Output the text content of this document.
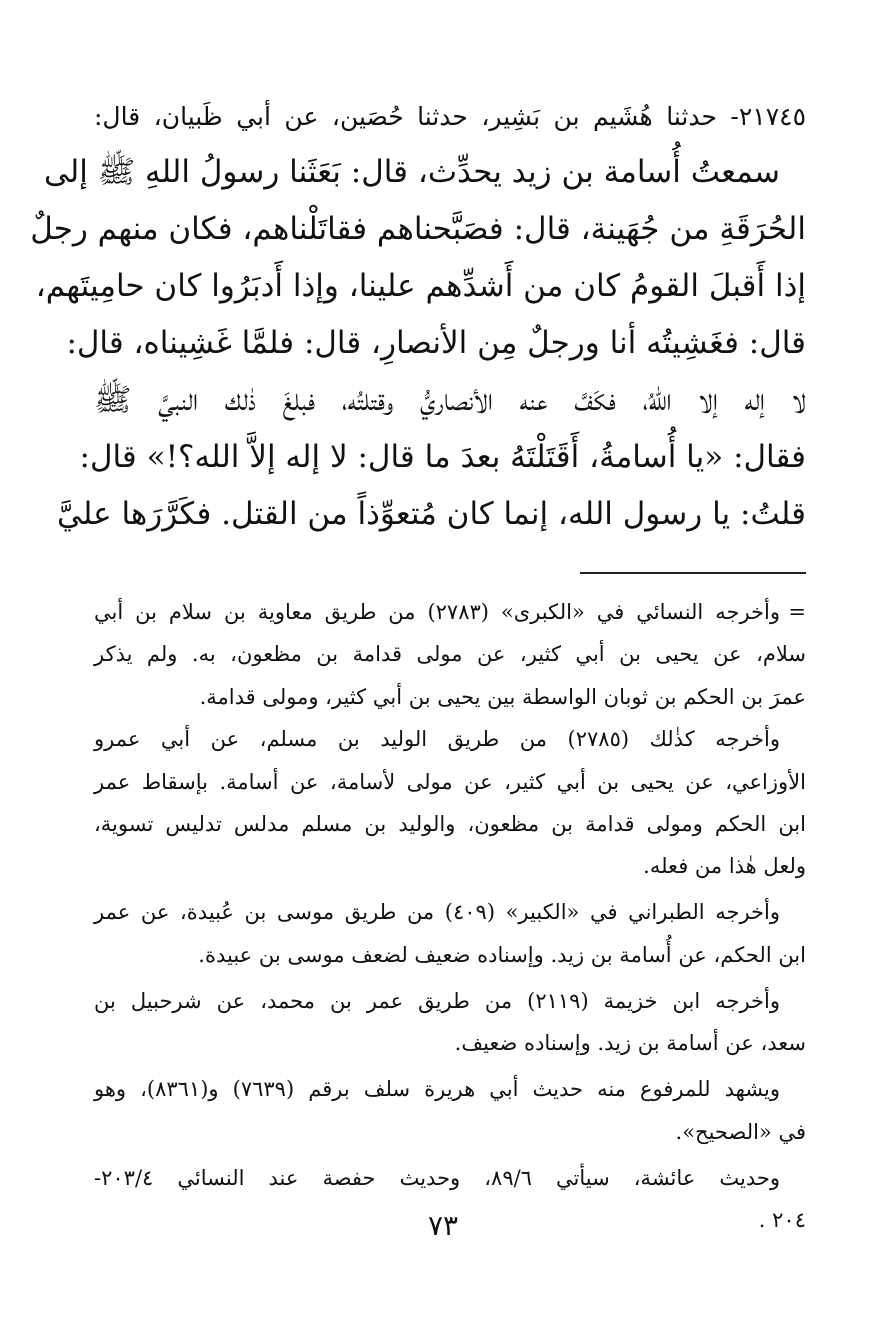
٢١٧٤٥- حدثنا هُشَيم بن بَشِير، حدثنا حُصَين، عن أبي ظَبيان، قال:

سمعتُ أُسامة بن زيد يحدِّث، قال: بَعَثَنا رسولُ اللهِ ﷺ إلى

الحُرَقَةِ من جُهَينة، قال: فصَبَّحناهم فقاتَلْناهم، فكان منهم رجلٌ

إذا أَقبلَ القومُ كان من أَشدِّهم علينا، وإذا أَدبَرُوا كان حامِيتَهم،

قال: فغَشِيتُه أنا ورجلٌ مِن الأنصارِ، قال: فلمَّا غَشِيناه، قال:

لا إله إلا اللهُ، فكَفَّ عنه الأنصاريُّ وقتلتُه، فبلغَ ذٰلك النبيَّ ﷺ

فقال: «يا أُسامةُ، أَقَتَلْتَهُ بعدَ ما قال: لا إله إلاَّ الله؟!» قال:

قلتُ: يا رسول الله، إنما كان مُتعوِّذاً من القتل. فكَرَّرَها عليَّ

=وأخرجه النسائي في «الكبرى» (٢٧٨٣) من طريق معاوية بن سلام بن أبي

سلام، عن يحيى بن أبي كثير، عن مولى قدامة بن مظعون، به. ولم يذكر

عمرَ بن الحكم بن ثوبان الواسطة بين يحيى بن أبي كثير، ومولى قدامة.

وأخرجه كذٰلك (٢٧٨٥) من طريق الوليد بن مسلم، عن أبي عمرو

الأوزاعي، عن يحيى بن أبي كثير، عن مولى لأسامة، عن أسامة. بإسقاط عمر

ابن الحكم ومولى قدامة بن مظعون، والوليد بن مسلم مدلس تدليس تسوية،

ولعل هٰذا من فعله.

وأخرجه الطبراني في «الكبير» (٤٠٩) من طريق موسى بن عُبيدة، عن عمر

ابن الحكم، عن أُسامة بن زيد. وإسناده ضعيف لضعف موسى بن عبيدة.

وأخرجه ابن خزيمة (٢١١٩) من طريق عمر بن محمد، عن شرحبيل بن

سعد، عن أسامة بن زيد. وإسناده ضعيف.

ويشهد للمرفوع منه حديث أبي هريرة سلف برقم (٧٦٣٩) و(٨٣٦١)، وهو

في «الصحيح».

وحديث عائشة، سيأتي ٨٩/٦، وحديث حفصة عند النسائي ٢٠٣/٤-

٢٠٤ .

٧٣
